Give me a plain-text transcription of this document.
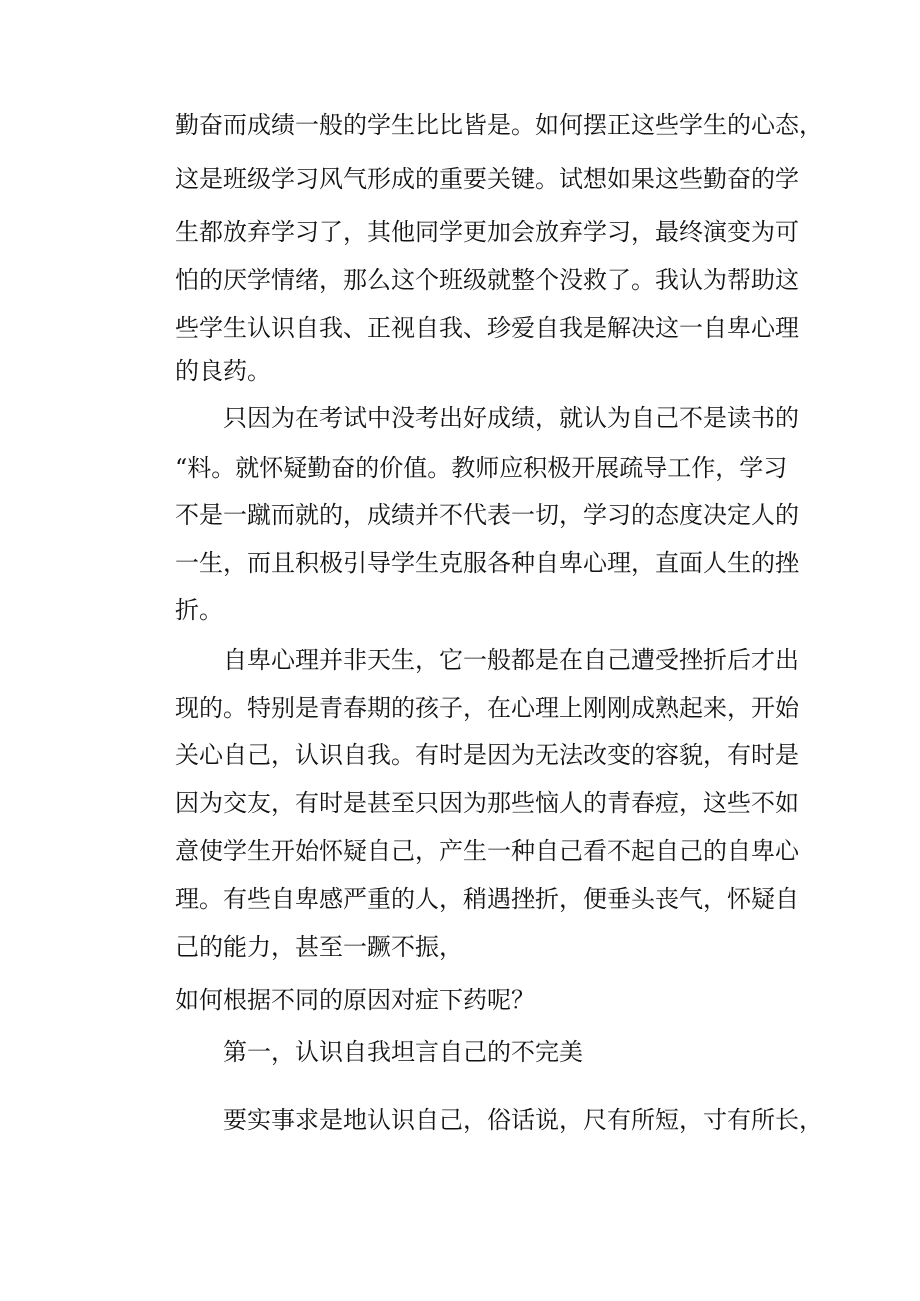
勤奋而成绩一般的学生比比皆是。如何摆正这些学生的心态，

这是班级学习风气形成的重要关键。试想如果这些勤奋的学

生都放弃学习了，其他同学更加会放弃学习，最终演变为可

怕的厌学情绪，那么这个班级就整个没救了。我认为帮助这

些学生认识自我、正视自我、珍爱自我是解决这一自卑心理

的良药。

只因为在考试中没考出好成绩，就认为自己不是读书的

“料。就怀疑勤奋的价值。教师应积极开展疏导工作，学习

不是一蹴而就的，成绩并不代表一切，学习的态度决定人的

一生，而且积极引导学生克服各种自卑心理，直面人生的挫

折。

自卑心理并非天生，它一般都是在自己遭受挫折后才出

现的。特别是青春期的孩子，在心理上刚刚成熟起来，开始

关心自己，认识自我。有时是因为无法改变的容貌，有时是

因为交友，有时是甚至只因为那些恼人的青春痘，这些不如

意使学生开始怀疑自己，产生一种自己看不起自己的自卑心

理。有些自卑感严重的人，稍遇挫折，便垂头丧气，怀疑自

己的能力，甚至一蹶不振，

如何根据不同的原因对症下药呢？

第一，认识自我坦言自己的不完美

要实事求是地认识自己，俗话说，尺有所短，寸有所长，
